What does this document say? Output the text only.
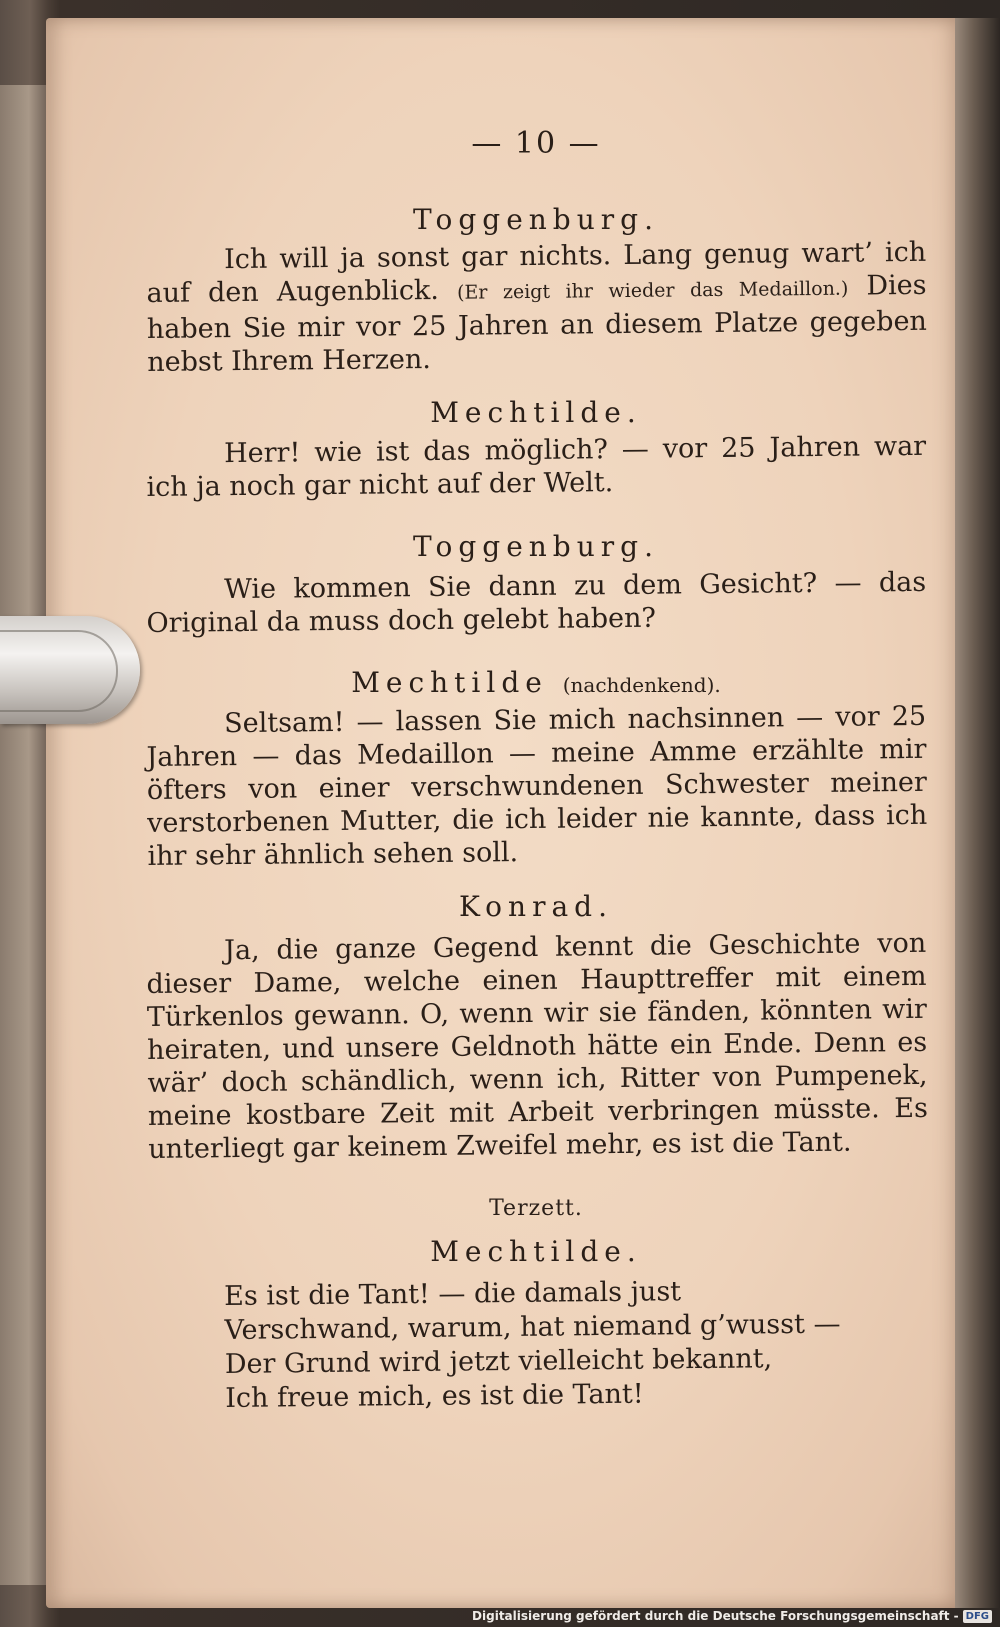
— 10 —
Toggenburg.
Ich will ja sonst gar nichts. Lang genug wart’ ich auf den Augenblick. (Er zeigt ihr wieder das Medaillon.) Dies haben Sie mir vor 25 Jahren an diesem Platze gegeben nebst Ihrem Herzen.
Mechtilde.
Herr! wie ist das möglich? — vor 25 Jahren war ich ja noch gar nicht auf der Welt.
Toggenburg.
Wie kommen Sie dann zu dem Gesicht? — das Original da muss doch gelebt haben?
Mechtilde (nachdenkend).
Seltsam! — lassen Sie mich nachsinnen — vor 25 Jahren — das Medaillon — meine Amme erzählte mir öfters von einer verschwundenen Schwester meiner verstorbenen Mutter, die ich leider nie kannte, dass ich ihr sehr ähnlich sehen soll.
Konrad.
Ja, die ganze Gegend kennt die Geschichte von dieser Dame, welche einen Haupttreffer mit einem Türkenlos gewann. O, wenn wir sie fänden, könnten wir heiraten, und unsere Geldnoth hätte ein Ende. Denn es wär’ doch schändlich, wenn ich, Ritter von Pumpenek, meine kostbare Zeit mit Arbeit verbringen müsste. Es unterliegt gar keinem Zweifel mehr, es ist die Tant.
Terzett.
Mechtilde.
Es ist die Tant! — die damals just
Verschwand, warum, hat niemand g’wusst —
Der Grund wird jetzt vielleicht bekannt,
Ich freue mich, es ist die Tant!
Digitalisierung gefördert durch die Deutsche Forschungsgemeinschaft - DFG
